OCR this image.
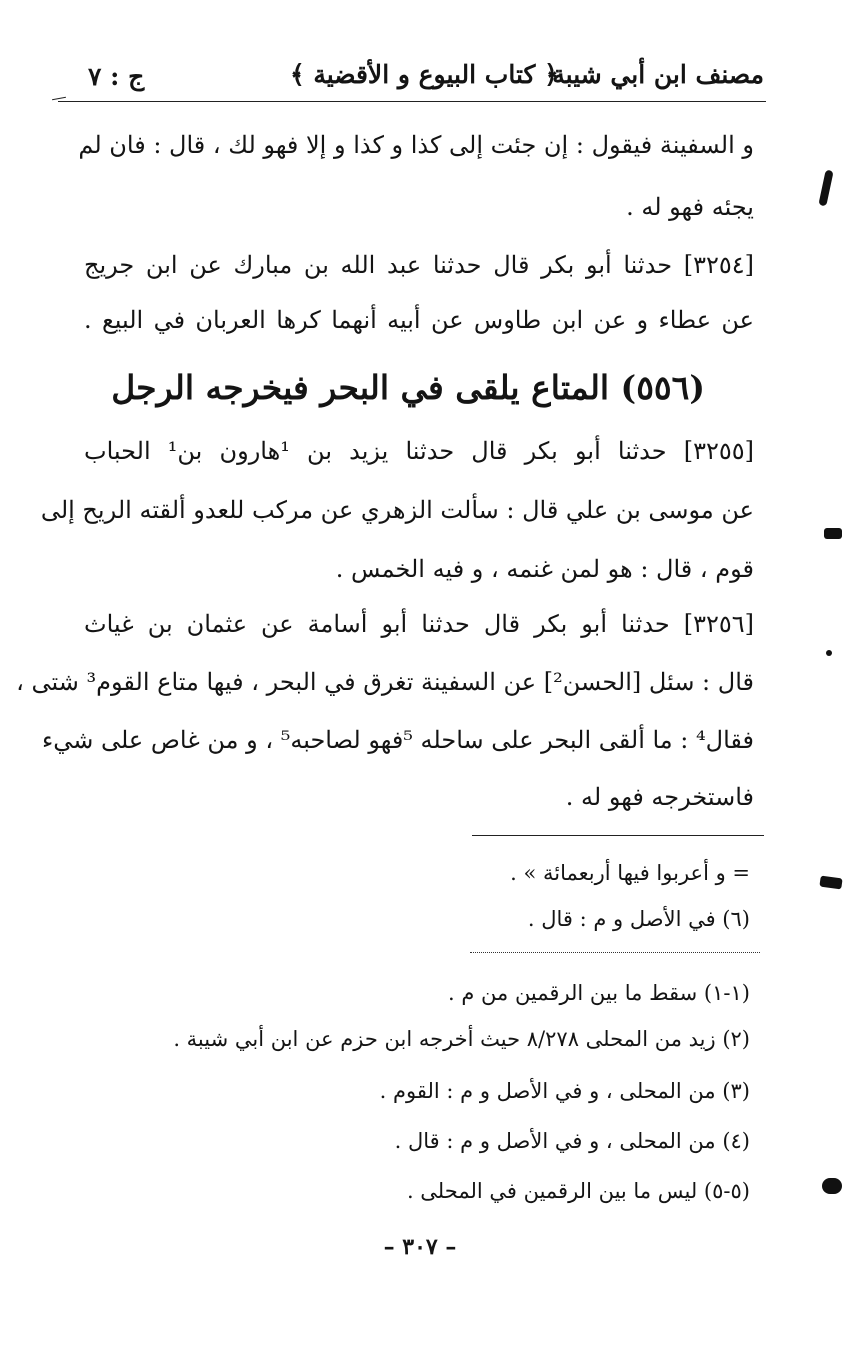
ج : ٧	﴿ كتاب البيوع و الأقضية ﴾
مصنف ابن أبي شيبة
و السفينة فيقول : إن جئت إلى كذا و كذا و إلا فهو لك ، قال : فان لم
يجئه فهو له .
[٣٢٥٤] حدثنا أبو بكر قال حدثنا عبد الله بن مبارك عن ابن جريج
عن عطاء و عن ابن طاوس عن أبيه أنهما كرها العربان في البيع .
(٥٥٦) المتاع يلقى في البحر فيخرجه الرجل
[٣٢٥٥] حدثنا أبو بكر قال حدثنا يزيد بن ¹هارون بن¹ الحباب
عن موسى بن علي قال : سألت الزهري عن مركب للعدو ألقته الريح إلى
قوم ، قال : هو لمن غنمه ، و فيه الخمس .
[٣٢٥٦] حدثنا أبو بكر قال حدثنا أبو أسامة عن عثمان بن غياث
قال : سئل [الحسن²] عن السفينة تغرق في البحر ، فيها متاع القوم³ شتى ،
فقال⁴ : ما ألقى البحر على ساحله ⁵فهو لصاحبه⁵ ، و من غاص على شيء
فاستخرجه فهو له .
= و أعربوا فيها أربعمائة » .
(٦) في الأصل و م : قال .
(١-١) سقط ما بين الرقمين من م .
(٢) زيد من المحلى ٨/٢٧٨ حيث أخرجه ابن حزم عن ابن أبي شيبة .
(٣) من المحلى ، و في الأصل و م : القوم .
(٤) من المحلى ، و في الأصل و م : قال .
(٥-٥) ليس ما بين الرقمين في المحلى .
– ٣٠٧ –
